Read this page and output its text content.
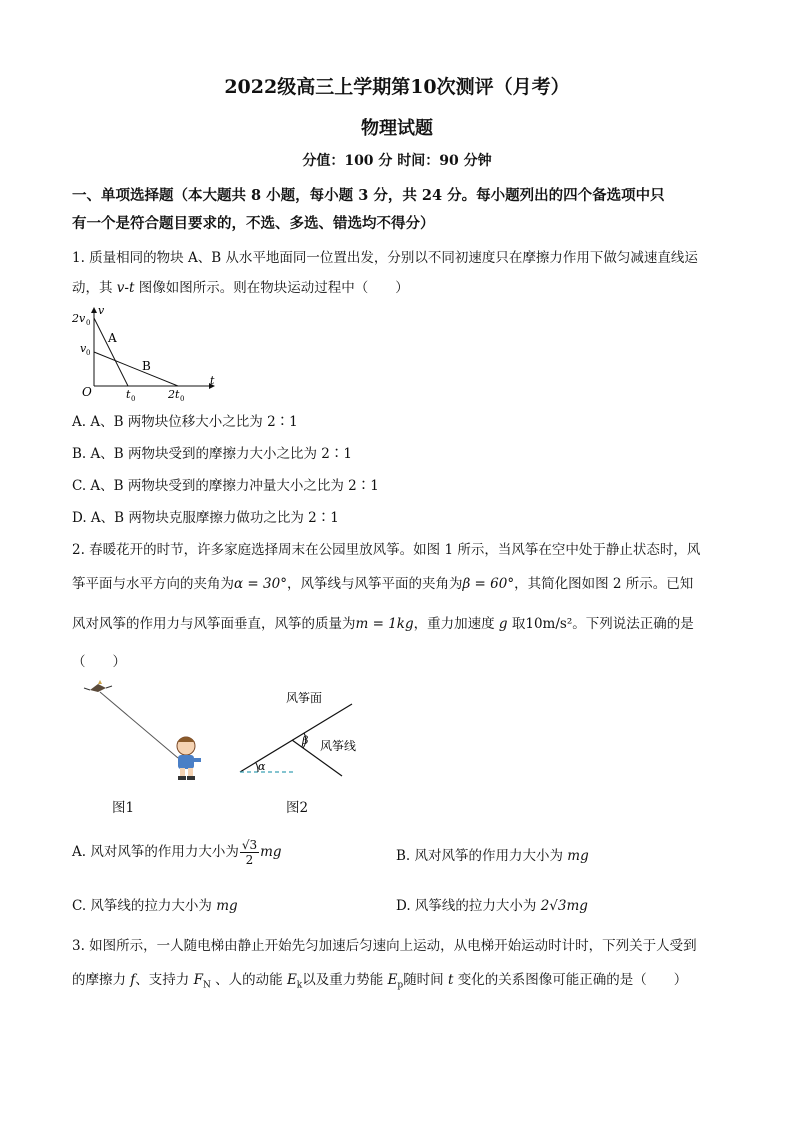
2022级高三上学期第10次测评（月考）
物理试题
分值：100 分 时间：90 分钟
一、单项选择题（本大题共 8 小题，每小题 3 分，共 24 分。每小题列出的四个备选项中只
有一个是符合题目要求的，不选、多选、错选均不得分）
1. 质量相同的物块 A、B 从水平地面同一位置出发，分别以不同初速度只在摩擦力作用下做匀减速直线运
动，其 v-t 图像如图所示。则在物块运动过程中（　　）
v
t
O
2v 0
v 0
t 0	2t 0
A
B
A. A、B 两物块位移大小之比为 2∶1
B. A、B 两物块受到的摩擦力大小之比为 2∶1
C. A、B 两物块受到的摩擦力冲量大小之比为 2∶1
D. A、B 两物块克服摩擦力做功之比为 2∶1
2. 春暖花开的时节，许多家庭选择周末在公园里放风筝。如图 1 所示，当风筝在空中处于静止状态时，风
筝平面与水平方向的夹角为α = 30°，风筝线与风筝平面的夹角为β = 60°，其简化图如图 2 所示。已知
风对风筝的作用力与风筝面垂直，风筝的质量为m = 1kg，重力加速度 g 取10m/s²。下列说法正确的是
（　　）
图1
风筝面
风筝线
α
β
图2
A. 风对风筝的作用力大小为 $\frac{√3}{2}$ mg	B. 风对风筝的作用力大小为 mg
C. 风筝线的拉力大小为 mg	D. 风筝线的拉力大小为 2√3mg
3. 如图所示，一人随电梯由静止开始先匀加速后匀速向上运动，从电梯开始运动时计时，下列关于人受到
的摩擦力 f、支持力 $F_N$ 、人的动能 $E_k$以及重力势能 $E_p$随时间 t 变化的关系图像可能正确的是（　　）
